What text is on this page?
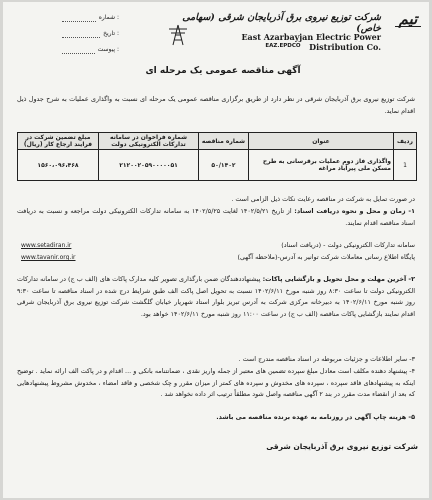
شماره :
تاریخ :
پیوست :
تیم
شرکت توزیع نیروی برق آذربایجان شرقی (سهامی خاص)
East Azarbayjan Electric Power Distribution Co.
EAZ.EPDCO
آگهی مناقصه عمومی یک مرحله ای
شرکت توزیع نیروی برق آذربایجان شرقی در نظر دارد از طریق برگزاری مناقصه عمومی یک مرحله ای نسبت به واگذاری عملیات به شرح جدول ذیل اقدام نماید.
ردیف	عنوان	شماره مناقصه	شماره فراخوان در سامانه تدارکات الکترونیکی دولت	مبلغ تضمین شرکت در فرایند ارجاع کار (ریال)
1	واگذاری فاز دوم عملیات برقرسانی به طرح مسکن ملی پیرآباد مراغه	۵۰/۱۴۰۲	۲۱۲۰۰۲۰۵۹۰۰۰۰۰۵۱	۱۵۶۰،۰۹۶،۴۶۸
در صورت تمایل به شرکت در مناقصه رعایت نکات ذیل الزامی است .
۱- زمان و محل و نحوه دریافت اسناد: از تاریخ ۱۴۰۲/۵/۲۱ لغایت ۱۴۰۲/۵/۲۵ به سامانه تدارکات الکترونیکی دولت مراجعه و نسبت به دریافت اسناد مناقصه اقدام نمایند.
سامانه تدارکات الکترونیکی دولت - (دریافت اسناد)
پایگاه اطلاع رسانی معاملات شرکت توانیر به آدرس-(ملاحظه آگهی)
www.setadiran.ir
www.tavanir.org.ir
۲- آخرین مهلت و محل تحویل و بازگشایی پاکات: پیشنهاددهندگان ضمن بارگذاری تصویر کلیه مدارک پاکات های (الف ب ج) در سامانه تدارکات الکترونیکی دولت تا ساعت ۸:۳۰ روز شنبه مورخ ۱۴۰۲/۶/۱۱ نسبت به تحویل اصل پاکت الف طبق شرایط درج شده در اسناد مناقصه تا ساعت ۹:۳۰ روز شنبه مورخ ۱۴۰۲/۶/۱۱ به دبیرخانه مرکزی شرکت به آدرس تبریز بلوار استاد شهریار خیابان گلگشت شرکت توزیع نیروی برق آذربایجان شرقی اقدام نمایند بازگشایی پاکات مناقصه (الف ب ج) در ساعت ۱۱:۰۰ روز شنبه مورخ ۱۴۰۲/۶/۱۱ خواهد بود.
۳- سایر اطلاعات و جزئیات مربوطه در اسناد مناقصه مندرج است .
۴- پیشنهاد دهنده مکلف است معادل مبلغ سپرده تضمین های معتبر از جمله واریز نقدی ، ضمانتنامه بانکی و ... اقدام و در پاکت الف ارائه نماید . توضیح اینکه به پیشنهادهای فاقد سپرده ، سپرده های مخدوش و سپرده های کمتر از میزان مقرر و چک شخصی و فاقد امضاء ، مخدوش مشروط پیشنهادهایی که بعد از انقضاء مدت مقرر در بند ۲ آگهی مناقصه واصل شود مطلقاً ترتیب اثر داده نخواهد شد .
۵- هزینه چاپ آگهی در روزنامه به عهده برنده مناقصه می باشد.
شرکت توزیع نیروی برق آذربایجان شرقی
